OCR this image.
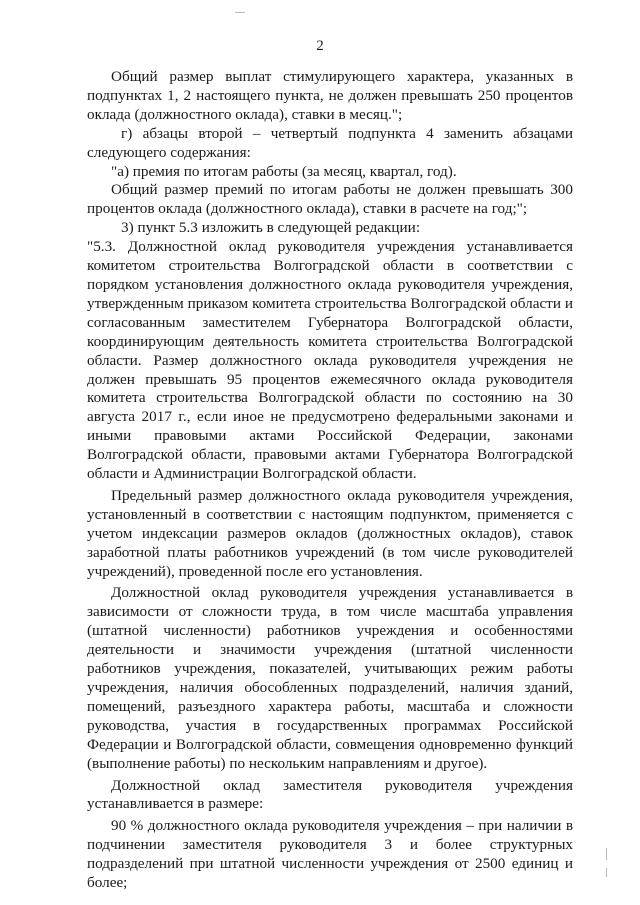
2

Общий размер выплат стимулирующего характера, указанных в подпунктах 1, 2 настоящего пункта, не должен превышать 250 процентов оклада (должностного оклада), ставки в месяц.";

г) абзацы второй – четвертый подпункта 4 заменить абзацами следующего содержания:

"а) премия по итогам работы (за месяц, квартал, год).

Общий размер премий по итогам работы не должен превышать 300 процентов оклада (должностного оклада), ставки в расчете на год;";

3) пункт 5.3 изложить в следующей редакции:

"5.3. Должностной оклад руководителя учреждения устанавливается комитетом строительства Волгоградской области в соответствии с порядком установления должностного оклада руководителя учреждения, утвержденным приказом комитета строительства Волгоградской области и согласованным заместителем Губернатора Волгоградской области, координирующим деятельность комитета строительства Волгоградской области. Размер должностного оклада руководителя учреждения не должен превышать 95 процентов ежемесячного оклада руководителя комитета строительства Волгоградской области по состоянию на 30 августа 2017 г., если иное не предусмотрено федеральными законами и иными правовыми актами Российской Федерации, законами Волгоградской области, правовыми актами Губернатора Волгоградской области и Администрации Волгоградской области.

Предельный размер должностного оклада руководителя учреждения, установленный в соответствии с настоящим подпунктом, применяется с учетом индексации размеров окладов (должностных окладов), ставок заработной платы работников учреждений (в том числе руководителей учреждений), проведенной после его установления.

Должностной оклад руководителя учреждения устанавливается в зависимости от сложности труда, в том числе масштаба управления (штатной численности) работников учреждения и особенностями деятельности и значимости учреждения (штатной численности работников учреждения, показателей, учитывающих режим работы учреждения, наличия обособленных подразделений, наличия зданий, помещений, разъездного характера работы, масштаба и сложности руководства, участия в государственных программах Российской Федерации и Волгоградской области, совмещения одновременно функций (выполнение работы) по нескольким направлениям и другое).

Должностной оклад заместителя руководителя учреждения устанавливается в размере:

90 % должностного оклада руководителя учреждения – при наличии в подчинении заместителя руководителя 3 и более структурных подразделений при штатной численности учреждения от 2500 единиц и более;
